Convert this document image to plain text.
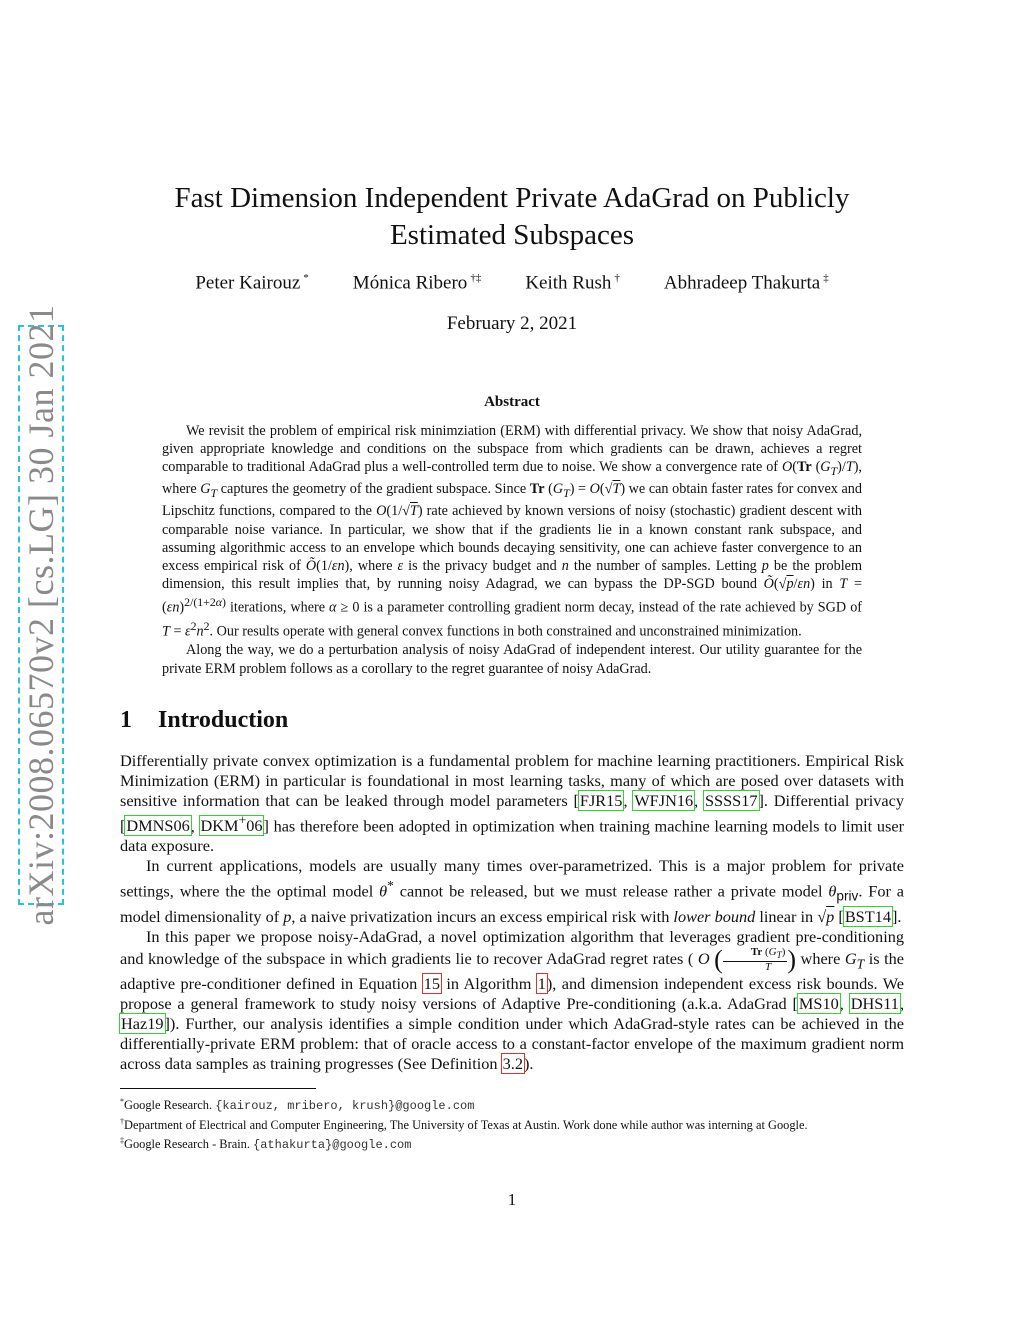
arXiv:2008.06570v2 [cs.LG] 30 Jan 2021
Fast Dimension Independent Private AdaGrad on Publicly
Estimated Subspaces
Peter Kairouz * Mónica Ribero †‡ Keith Rush † Abhradeep Thakurta ‡
February 2, 2021
Abstract

We revisit the problem of empirical risk minimziation (ERM) with differential privacy. We show that noisy AdaGrad, given appropriate knowledge and conditions on the subspace from which gradients can be drawn, achieves a regret comparable to traditional AdaGrad plus a well-controlled term due to noise. We show a convergence rate of O(Tr $(G_T)/T$), where $G_T$ captures the geometry of the gradient subspace. Since Tr $(G_T) = O(√T)$ we can obtain faster rates for convex and Lipschitz functions, compared to the O(1/√T) rate achieved by known versions of noisy (stochastic) gradient descent with comparable noise variance. In particular, we show that if the gradients lie in a known constant rank subspace, and assuming algorithmic access to an envelope which bounds decaying sensitivity, one can achieve faster convergence to an excess empirical risk of Õ(1/εn), where ε is the privacy budget and n the number of samples. Letting p be the problem dimension, this result implies that, by running noisy Adagrad, we can bypass the DP-SGD bound Õ(√p/εn) in $T = (\varepsilon n)^{2/(1+2\alpha)}$ iterations, where α ≥ 0 is a parameter controlling gradient norm decay, instead of the rate achieved by SGD of $T = \varepsilon^2n^2$. Our results operate with general convex functions in both constrained and unconstrained minimization.

Along the way, we do a perturbation analysis of noisy AdaGrad of independent interest. Our utility guarantee for the private ERM problem follows as a corollary to the regret guarantee of noisy AdaGrad.

1 Introduction

Differentially private convex optimization is a fundamental problem for machine learning practitioners. Empirical Risk Minimization (ERM) in particular is foundational in most learning tasks, many of which are posed over datasets with sensitive information that can be leaked through model parameters [FJR15, WFJN16, SSSS17]. Differential privacy [DMNS06, DKM+06] has therefore been adopted in optimization when training machine learning models to limit user data exposure.

In current applications, models are usually many times over-parametrized. This is a major problem for private settings, where the the optimal model θ* cannot be released, but we must release rather a private model $\theta_{priv}$. For a model dimensionality of p, a naive privatization incurs an excess empirical risk with lower bound linear in √p [BST14].

In this paper we propose noisy-AdaGrad, a novel optimization algorithm that leverages gradient pre-conditioning and knowledge of the subspace in which gradients lie to recover AdaGrad regret rates ( O ( $\frac{Tr (G_T)}{T}$ ) where $G_T$ is the adaptive pre-conditioner defined in Equation 15 in Algorithm 1), and dimension independent excess risk bounds. We propose a general framework to study noisy versions of Adaptive Pre-conditioning (a.k.a. AdaGrad [MS10, DHS11, Haz19]). Further, our analysis identifies a simple condition under which AdaGrad-style rates can be achieved in the differentially-private ERM problem: that of oracle access to a constant-factor envelope of the maximum gradient norm across data samples as training progresses (See Definition 3.2).

*Google Research. {kairouz, mribero, krush}@google.com
†Department of Electrical and Computer Engineering, The University of Texas at Austin. Work done while author was interning at Google.
‡Google Research - Brain. {athakurta}@google.com
1
